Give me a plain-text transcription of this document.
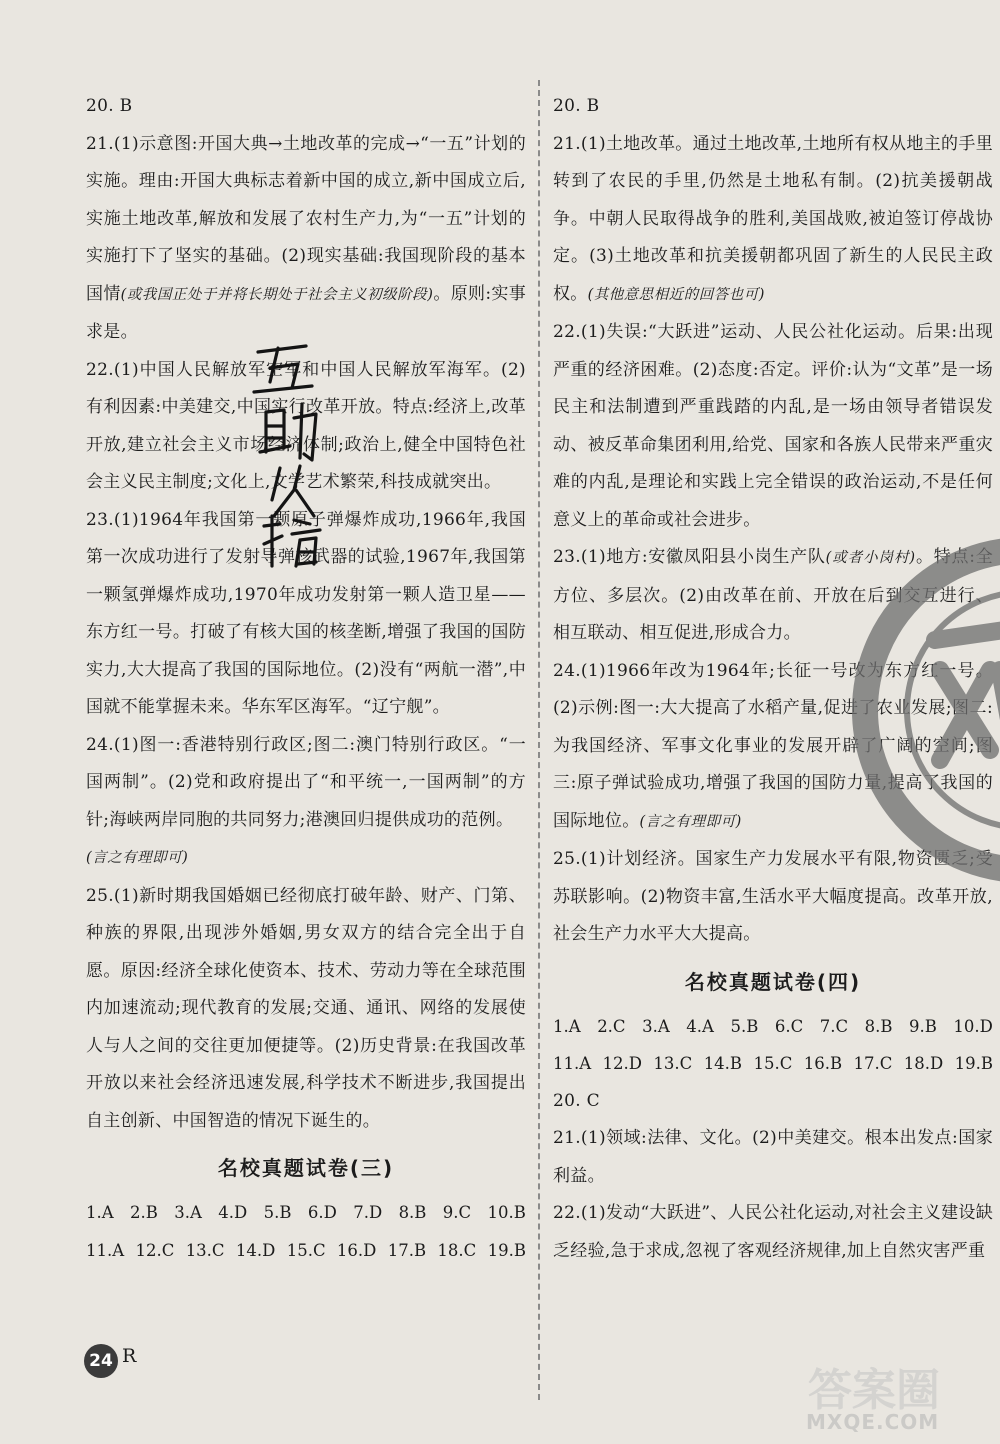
20. B

21.(1)示意图:开国大典→土地改革的完成→“一五”计划的实施。理由:开国大典标志着新中国的成立,新中国成立后,实施土地改革,解放和发展了农村生产力,为“一五”计划的实施打下了坚实的基础。(2)现实基础:我国现阶段的基本国情(或我国正处于并将长期处于社会主义初级阶段)。原则:实事求是。

22.(1)中国人民解放军空军和中国人民解放军海军。(2)有利因素:中美建交,中国实行改革开放。特点:经济上,改革开放,建立社会主义市场经济体制;政治上,健全中国特色社会主义民主制度;文化上,文学艺术繁荣,科技成就突出。

23.(1)1964年我国第一颗原子弹爆炸成功,1966年,我国第一次成功进行了发射导弹核武器的试验,1967年,我国第一颗氢弹爆炸成功,1970年成功发射第一颗人造卫星——东方红一号。打破了有核大国的核垄断,增强了我国的国防实力,大大提高了我国的国际地位。(2)没有“两航一潜”,中国就不能掌握未来。华东军区海军。“辽宁舰”。

24.(1)图一:香港特别行政区;图二:澳门特别行政区。“一国两制”。(2)党和政府提出了“和平统一,一国两制”的方针;海峡两岸同胞的共同努力;港澳回归提供成功的范例。
(言之有理即可)

25.(1)新时期我国婚姻已经彻底打破年龄、财产、门第、种族的界限,出现涉外婚姻,男女双方的结合完全出于自愿。原因:经济全球化使资本、技术、劳动力等在全球范围内加速流动;现代教育的发展;交通、通讯、网络的发展使人与人之间的交往更加便捷等。(2)历史背景:在我国改革开放以来社会经济迅速发展,科学技术不断进步,我国提出自主创新、中国智造的情况下诞生的。

名校真题试卷(三)
1.A 2.B 3.A 4.D 5.B 6.D 7.D 8.B 9.C 10.B
11.A 12.C 13.C 14.D 15.C 16.D 17.B 18.C 19.B

20. B

21.(1)土地改革。通过土地改革,土地所有权从地主的手里转到了农民的手里,仍然是土地私有制。(2)抗美援朝战争。中朝人民取得战争的胜利,美国战败,被迫签订停战协定。(3)土地改革和抗美援朝都巩固了新生的人民民主政权。(其他意思相近的回答也可)

22.(1)失误:“大跃进”运动、人民公社化运动。后果:出现严重的经济困难。(2)态度:否定。评价:认为“文革”是一场民主和法制遭到严重践踏的内乱,是一场由领导者错误发动、被反革命集团利用,给党、国家和各族人民带来严重灾难的内乱,是理论和实践上完全错误的政治运动,不是任何意义上的革命或社会进步。

23.(1)地方:安徽凤阳县小岗生产队(或者小岗村)。特点:全方位、多层次。(2)由改革在前、开放在后到交互进行、相互联动、相互促进,形成合力。

24.(1)1966年改为1964年;长征一号改为东方红一号。(2)示例:图一:大大提高了水稻产量,促进了农业发展;图二:为我国经济、军事文化事业的发展开辟了广阔的空间;图三:原子弹试验成功,增强了我国的国防力量,提高了我国的国际地位。(言之有理即可)

25.(1)计划经济。国家生产力发展水平有限,物资匮乏;受苏联影响。(2)物资丰富,生活水平大幅度提高。改革开放,社会生产力水平大大提高。

名校真题试卷(四)
1.A 2.C 3.A 4.A 5.B 6.C 7.C 8.B 9.B 10.D
11.A 12.D 13.C 14.B 15.C 16.B 17.C 18.D 19.B

20. C

21.(1)领域:法律、文化。(2)中美建交。根本出发点:国家利益。

22.(1)发动“大跃进”、人民公社化运动,对社会主义建设缺乏经验,急于求成,忽视了客观经济规律,加上自然灾害严重

答案圈
MXQE.COM
24 R
